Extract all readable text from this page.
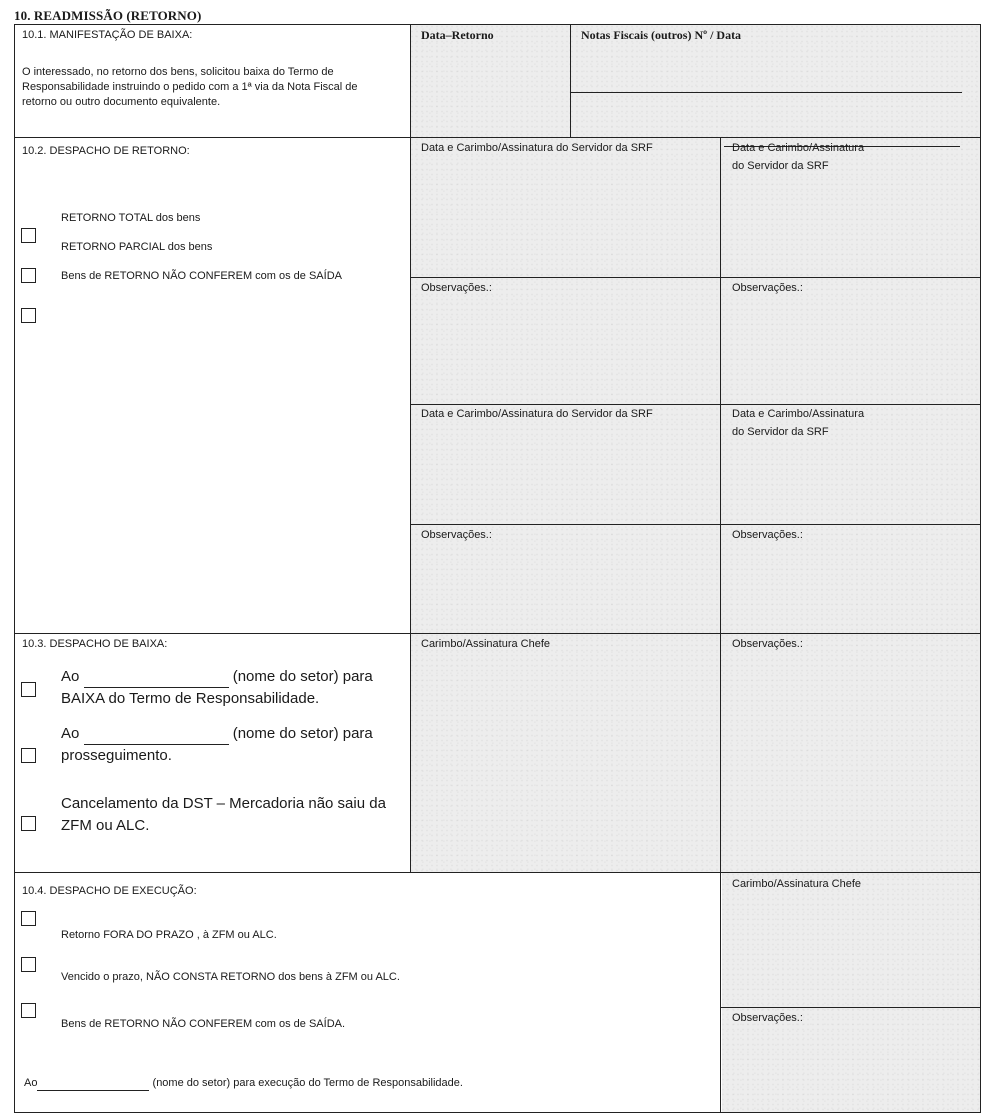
10. READMISSÃO (RETORNO)
10.1. MANIFESTAÇÃO DE BAIXA:
O interessado, no retorno dos bens, solicitou baixa do Termo de
Responsabilidade instruindo o pedido com a 1ª via da Nota Fiscal de
retorno ou outro documento equivalente.
Data–Retorno	Notas Fiscais (outros) Nº / Data
10.2. DESPACHO DE RETORNO:
RETORNO TOTAL dos bens
RETORNO PARCIAL dos bens
Bens de RETORNO NÃO CONFEREM com os de SAÍDA
Data e Carimbo/Assinatura do Servidor da SRF	Data e Carimbo/Assinatura
do Servidor da SRF
Observações.:	Observações.:
Data e Carimbo/Assinatura do Servidor da SRF	Data e Carimbo/Assinatura
do Servidor da SRF
Observações.:	Observações.:
10.3. DESPACHO DE BAIXA:
Ao	(nome do setor) para
BAIXA do Termo de Responsabilidade.
Ao	(nome do setor) para
prosseguimento.
Cancelamento da DST – Mercadoria não saiu da
ZFM ou ALC.
Carimbo/Assinatura Chefe	Observações.:
10.4. DESPACHO DE EXECUÇÃO:
Retorno FORA DO PRAZO , à ZFM ou ALC.
Vencido o prazo, NÃO CONSTA RETORNO dos bens à ZFM ou ALC.
Bens de RETORNO NÃO CONFEREM com os de SAÍDA.
Ao	(nome do setor) para execução do Termo de Responsabilidade.
Carimbo/Assinatura Chefe
Observações.:
